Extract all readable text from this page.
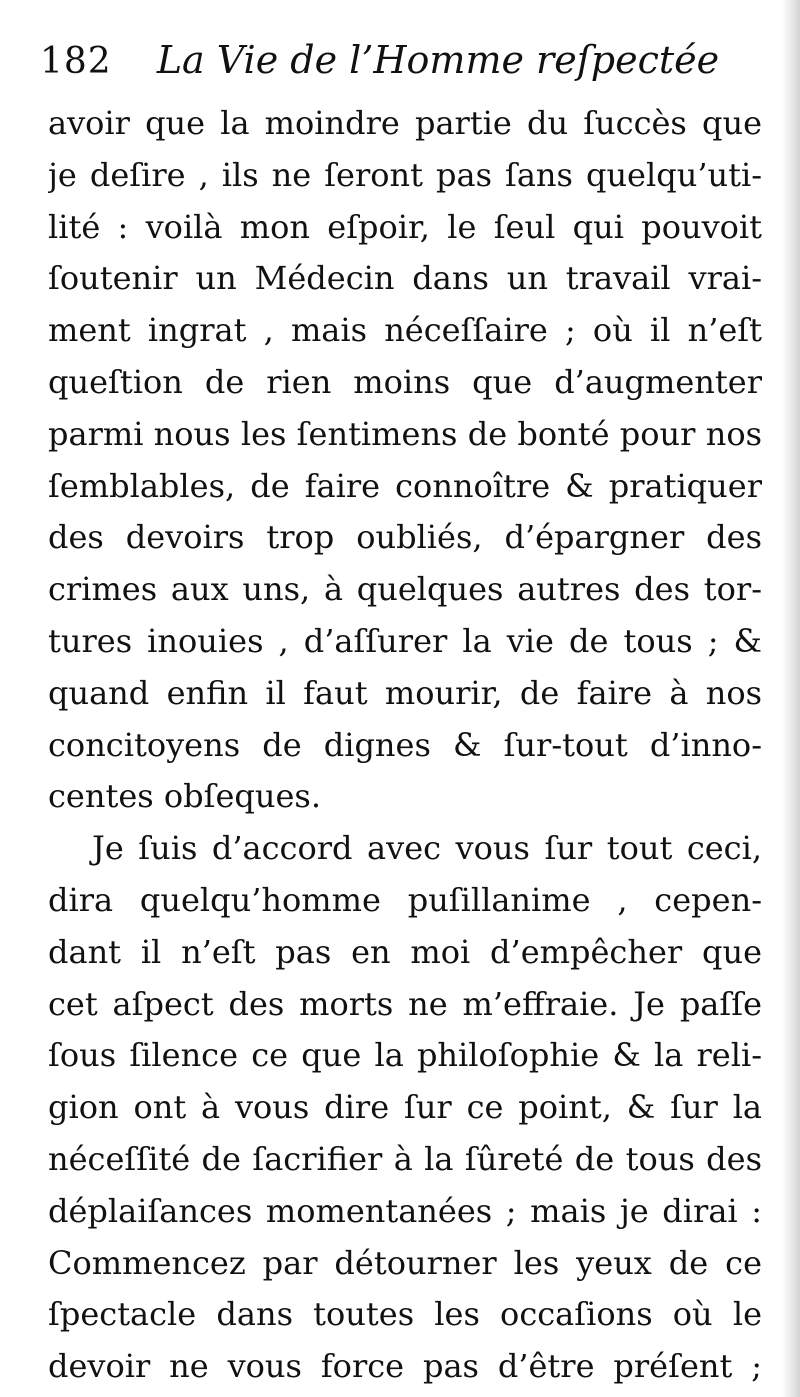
182 La Vie de l’Homme reſpectée
avoir que la moindre partie du ſuccès que
je deſire , ils ne ſeront pas ſans quelqu’uti-
lité : voilà mon eſpoir, le ſeul qui pouvoit
ſoutenir un Médecin dans un travail vrai-
ment ingrat , mais néceſſaire ; où il n’eſt
queſtion de rien moins que d’augmenter
parmi nous les ſentimens de bonté pour nos
ſemblables, de faire connoître & pratiquer
des devoirs trop oubliés, d’épargner des
crimes aux uns, à quelques autres des tor-
tures inouies , d’aſſurer la vie de tous ; &
quand enfin il faut mourir, de faire à nos
concitoyens de dignes & ſur-tout d’inno-
centes obſeques.
Je ſuis d’accord avec vous ſur tout ceci,
dira quelqu’homme puſillanime , cepen-
dant il n’eſt pas en moi d’empêcher que
cet aſpect des morts ne m’effraie. Je paſſe
ſous ſilence ce que la philoſophie & la reli-
gion ont à vous dire ſur ce point, & ſur la
néceſſité de ſacrifier à la ſûreté de tous des
déplaiſances momentanées ; mais je dirai :
Commencez par détourner les yeux de ce
ſpectacle dans toutes les occaſions où le
devoir ne vous force pas d’être préſent ;
